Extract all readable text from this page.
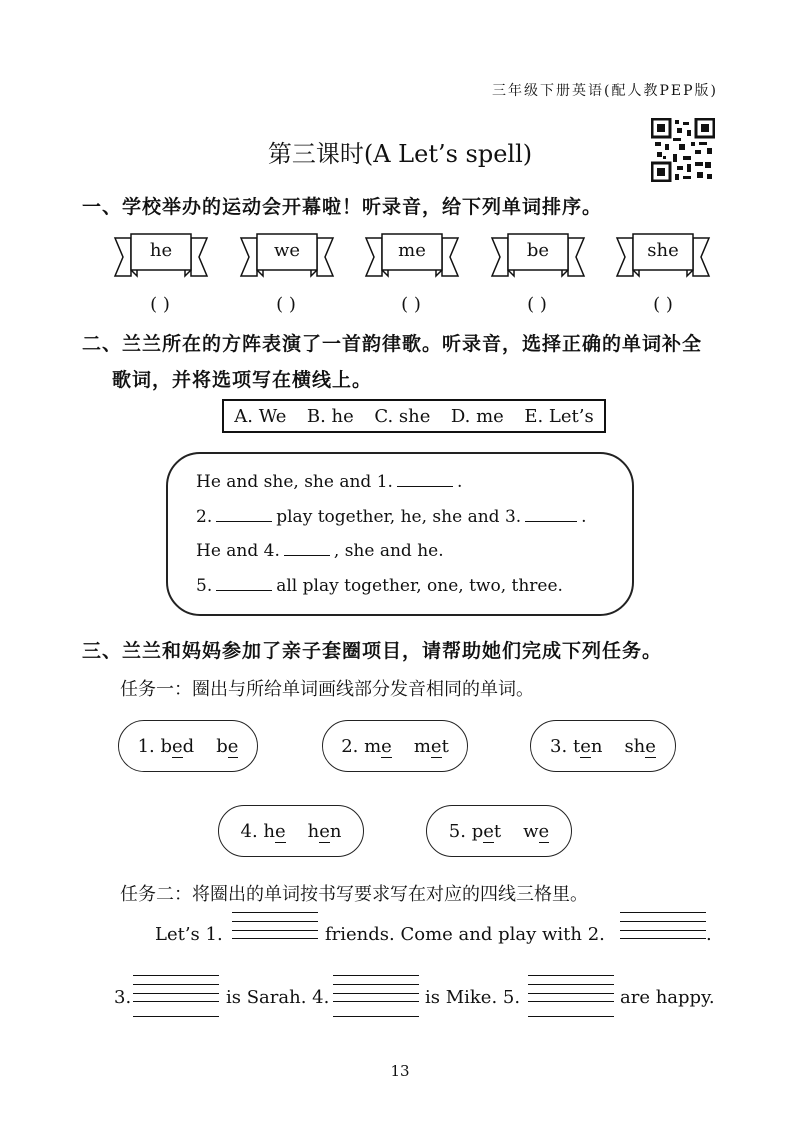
三年级下册英语(配人教PEP版)
第三课时(A Let’s spell)
一、学校举办的运动会开幕啦！听录音，给下列单词排序。
he	we	me	be	she
( )	( )	( )	( )	( )
二、兰兰所在的方阵表演了一首韵律歌。听录音，选择正确的单词补全
歌词，并将选项写在横线上。
A. We B. he C. she D. me E. Let’s
He and she, she and 1.	.
2.	play together, he, she and 3.	.
He and 4.	, she and he.
5.	all play together, one, two, three.
三、兰兰和妈妈参加了亲子套圈项目，请帮助她们完成下列任务。
任务一：圈出与所给单词画线部分发音相同的单词。
1. bed be	2. me met	3. ten she
4. he hen	5. pet we
任务二：将圈出的单词按书写要求写在对应的四线三格里。
Let’s 1.	friends. Come and play with 2.	.
3.	is Sarah. 4.	is Mike. 5.	are happy.
13
